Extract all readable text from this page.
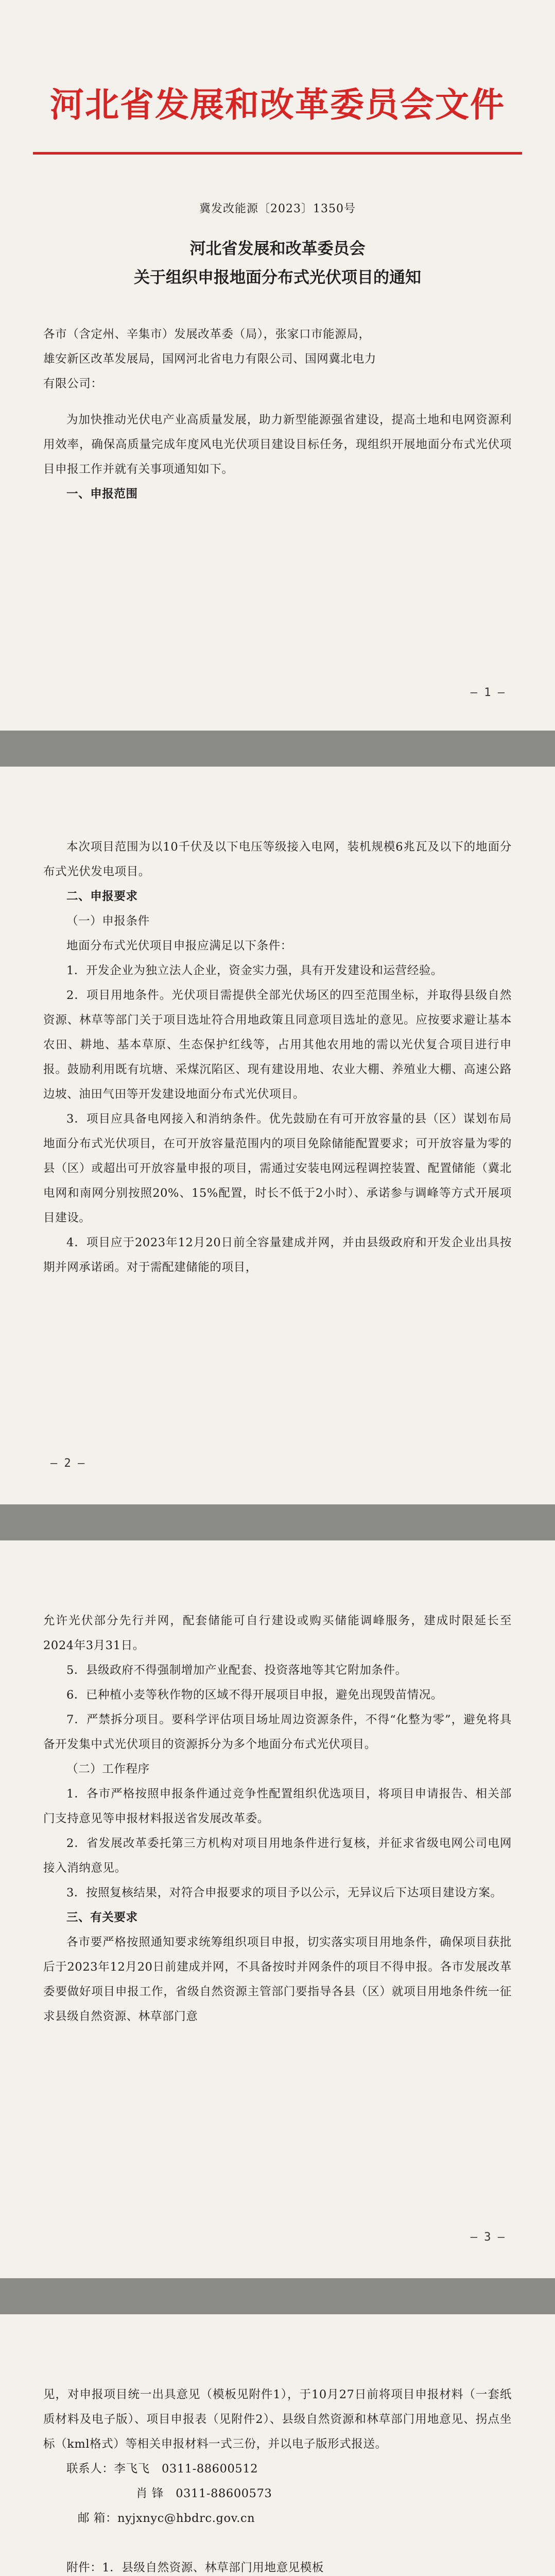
河北省发展和改革委员会文件
冀发改能源〔2023〕1350号
河北省发展和改革委员会
关于组织申报地面分布式光伏项目的通知

各市（含定州、辛集市）发展改革委（局），张家口市能源局，

雄安新区改革发展局，国网河北省电力有限公司、国网冀北电力

有限公司：

为加快推动光伏电产业高质量发展，助力新型能源强省建设，提高土地和电网资源利用效率，确保高质量完成年度风电光伏项目建设目标任务，现组织开展地面分布式光伏项目申报工作并就有关事项通知如下。

一、申报范围

— 1 —

本次项目范围为以10千伏及以下电压等级接入电网，装机规模6兆瓦及以下的地面分布式光伏发电项目。

二、申报要求

（一）申报条件

地面分布式光伏项目申报应满足以下条件：

1．开发企业为独立法人企业，资金实力强，具有开发建设和运营经验。

2．项目用地条件。光伏项目需提供全部光伏场区的四至范围坐标，并取得县级自然资源、林草等部门关于项目选址符合用地政策且同意项目选址的意见。应按要求避让基本农田、耕地、基本草原、生态保护红线等，占用其他农用地的需以光伏复合项目进行申报。鼓励利用既有坑塘、采煤沉陷区、现有建设用地、农业大棚、养殖业大棚、高速公路边坡、油田气田等开发建设地面分布式光伏项目。

3．项目应具备电网接入和消纳条件。优先鼓励在有可开放容量的县（区）谋划布局地面分布式光伏项目，在可开放容量范围内的项目免除储能配置要求；可开放容量为零的县（区）或超出可开放容量申报的项目，需通过安装电网远程调控装置、配置储能（冀北电网和南网分别按照20%、15%配置，时长不低于2小时）、承诺参与调峰等方式开展项目建设。

4．项目应于2023年12月20日前全容量建成并网，并由县级政府和开发企业出具按期并网承诺函。对于需配建储能的项目，

— 2 —

允许光伏部分先行并网，配套储能可自行建设或购买储能调峰服务，建成时限延长至2024年3月31日。

5．县级政府不得强制增加产业配套、投资落地等其它附加条件。

6．已种植小麦等秋作物的区域不得开展项目申报，避免出现毁苗情况。

7．严禁拆分项目。要科学评估项目场址周边资源条件，不得“化整为零”，避免将具备开发集中式光伏项目的资源拆分为多个地面分布式光伏项目。

（二）工作程序

1．各市严格按照申报条件通过竞争性配置组织优选项目，将项目申请报告、相关部门支持意见等申报材料报送省发展改革委。

2．省发展改革委托第三方机构对项目用地条件进行复核，并征求省级电网公司电网接入消纳意见。

3．按照复核结果，对符合申报要求的项目予以公示，无异议后下达项目建设方案。

三、有关要求

各市要严格按照通知要求统筹组织项目申报，切实落实项目用地条件，确保项目获批后于2023年12月20日前建成并网，不具备按时并网条件的项目不得申报。各市发展改革委要做好项目申报工作，省级自然资源主管部门要指导各县（区）就项目用地条件统一征求县级自然资源、林草部门意

— 3 —

见，对申报项目统一出具意见（模板见附件1），于10月27日前将项目申报材料（一套纸质材料及电子版）、项目申报表（见附件2）、县级自然资源和林草部门用地意见、拐点坐标（kml格式）等相关申报材料一式三份，并以电子版形式报送。

联系人：李飞飞 0311-88600512

肖 锋 0311-88600573

邮 箱：nyjxnyc@hbdrc.gov.cn

附件：1．县级自然资源、林草部门用地意见模板
